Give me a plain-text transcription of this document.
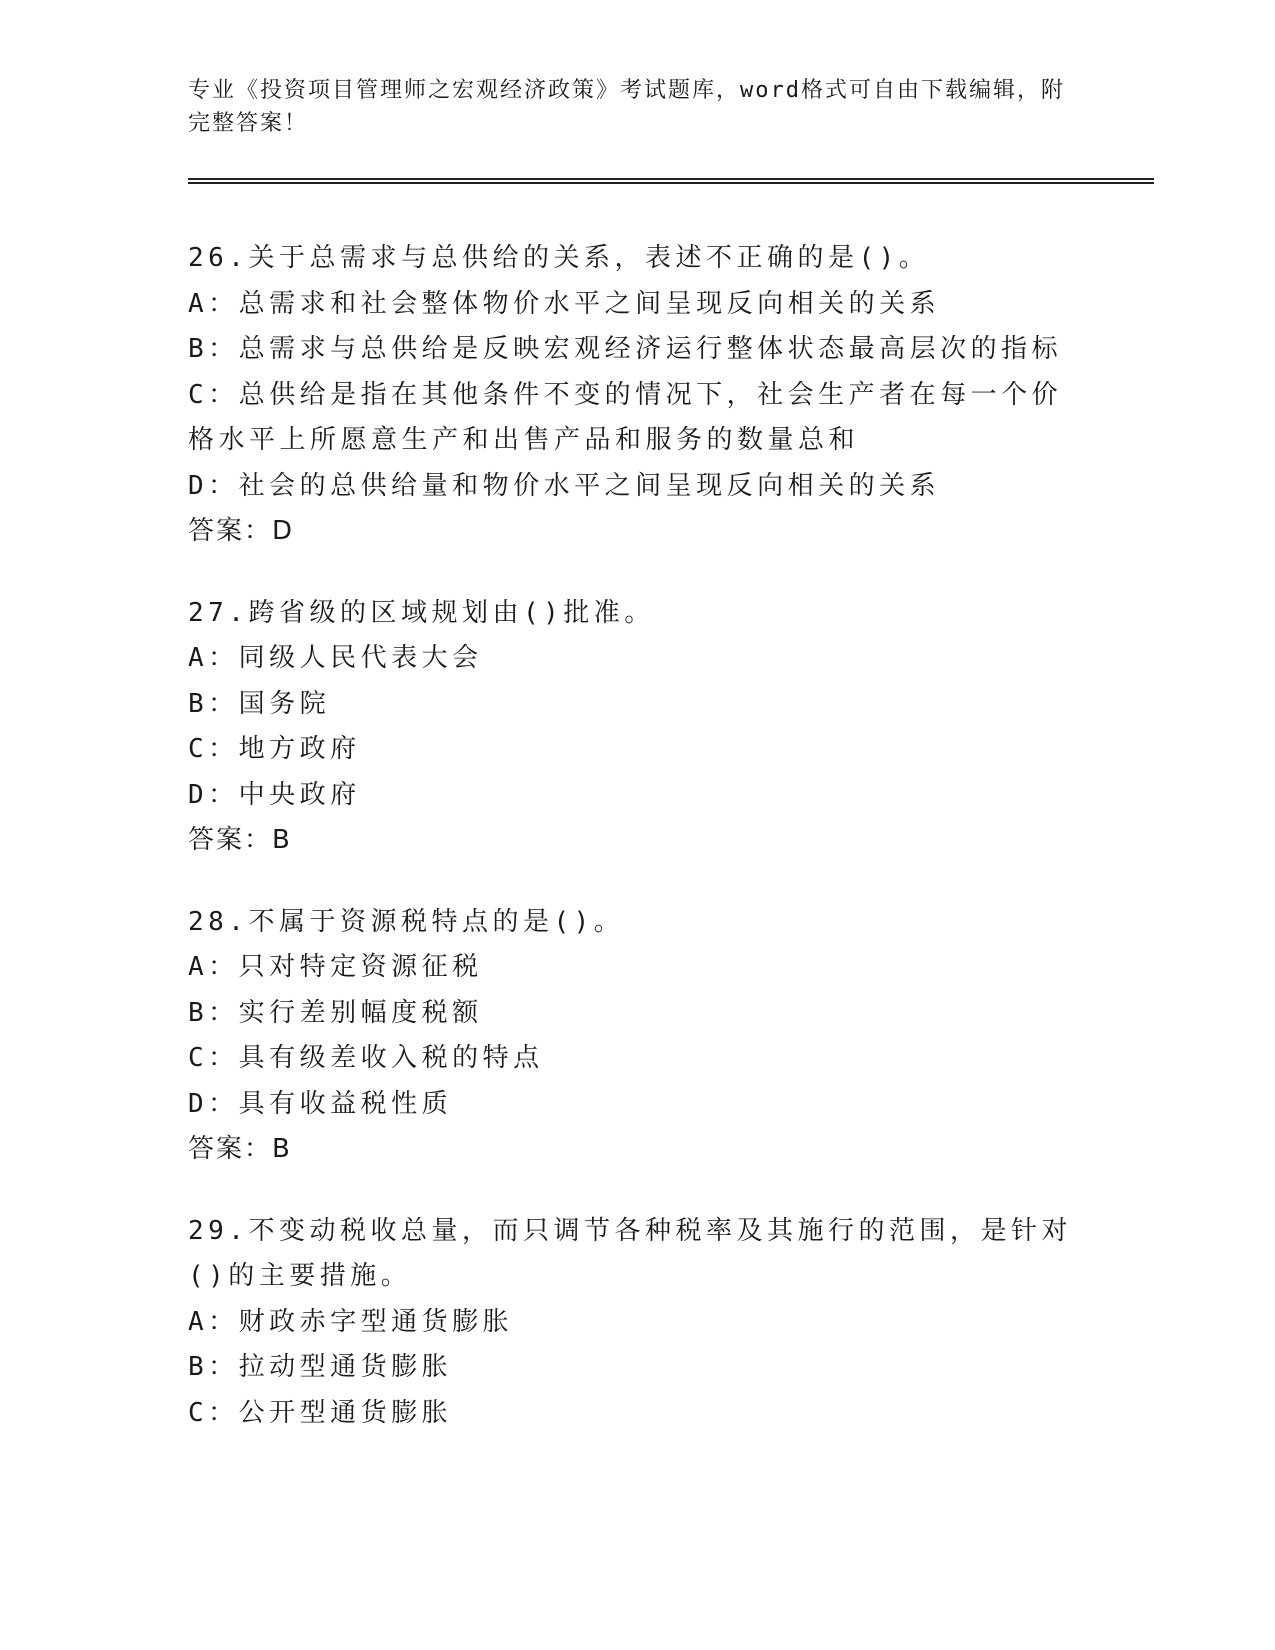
专业《投资项目管理师之宏观经济政策》考试题库，word格式可自由下载编辑，附完整答案！
26.关于总需求与总供给的关系，表述不正确的是()。
A：总需求和社会整体物价水平之间呈现反向相关的关系
B：总需求与总供给是反映宏观经济运行整体状态最高层次的指标
C：总供给是指在其他条件不变的情况下，社会生产者在每一个价格水平上所愿意生产和出售产品和服务的数量总和
D：社会的总供给量和物价水平之间呈现反向相关的关系
答案：D
27.跨省级的区域规划由()批准。
A：同级人民代表大会
B：国务院
C：地方政府
D：中央政府
答案：B
28.不属于资源税特点的是()。
A：只对特定资源征税
B：实行差别幅度税额
C：具有级差收入税的特点
D：具有收益税性质
答案：B
29.不变动税收总量，而只调节各种税率及其施行的范围，是针对()的主要措施。
A：财政赤字型通货膨胀
B：拉动型通货膨胀
C：公开型通货膨胀
